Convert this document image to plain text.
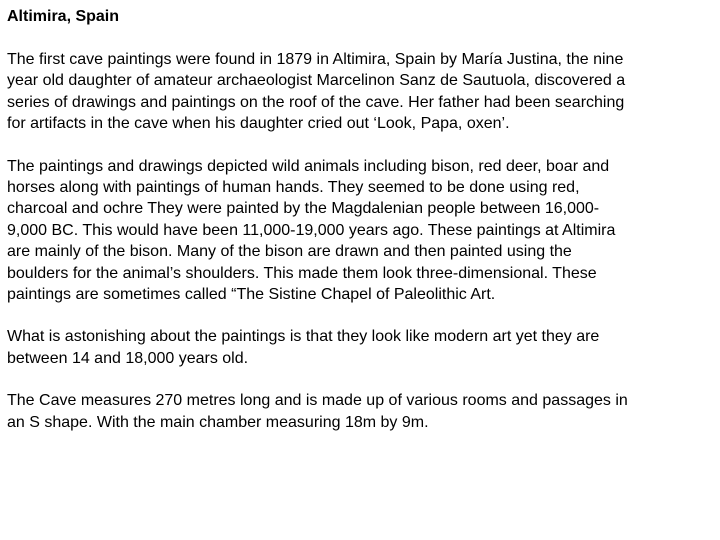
Altimira, Spain

The first cave paintings were found in 1879 in Altimira, Spain by María Justina, the nine
year old daughter of amateur archaeologist Marcelinon Sanz de Sautuola, discovered a
series of drawings and paintings on the roof of the cave. Her father had been searching
for artifacts in the cave when his daughter cried out ‘Look, Papa, oxen’.

The paintings and drawings depicted wild animals including bison, red deer, boar and
horses along with paintings of human hands. They seemed to be done using red,
charcoal and ochre They were painted by the Magdalenian people between 16,000-
9,000 BC. This would have been 11,000-19,000 years ago. These paintings at Altimira
are mainly of the bison. Many of the bison are drawn and then painted using the
boulders for the animal’s shoulders. This made them look three-dimensional. These
paintings are sometimes called “The Sistine Chapel of Paleolithic Art.

What is astonishing about the paintings is that they look like modern art yet they are
between 14 and 18,000 years old.

The Cave measures 270 metres long and is made up of various rooms and passages in
an S shape. With the main chamber measuring 18m by 9m.
